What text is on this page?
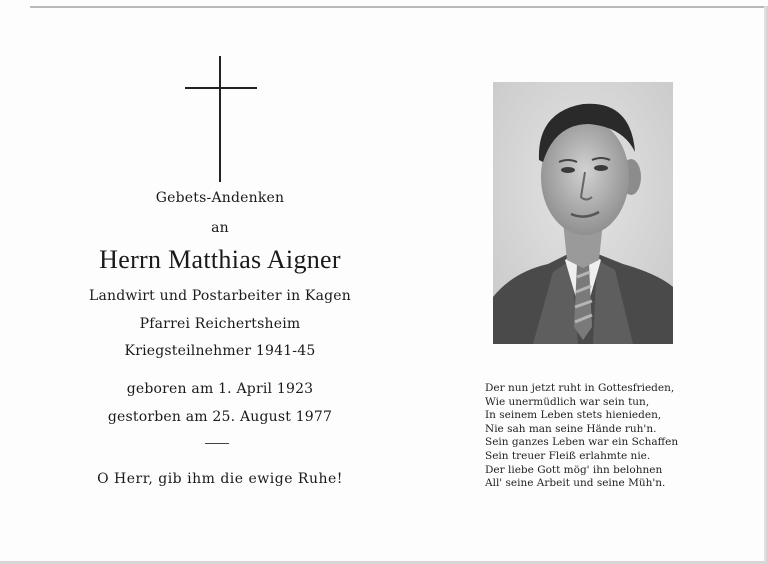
Gebets-Andenken
an
Herrn Matthias Aigner
Landwirt und Postarbeiter in Kagen
Pfarrei Reichertsheim
Kriegsteilnehmer 1941-45
geboren am 1. April 1923
gestorben am 25. August 1977
O Herr, gib ihm die ewige Ruhe!
Der nun jetzt ruht in Gottesfrieden,
Wie unermüdlich war sein tun,
In seinem Leben stets hienieden,
Nie sah man seine Hände ruh'n.
Sein ganzes Leben war ein Schaffen
Sein treuer Fleiß erlahmte nie.
Der liebe Gott mög' ihn belohnen
All' seine Arbeit und seine Müh'n.
